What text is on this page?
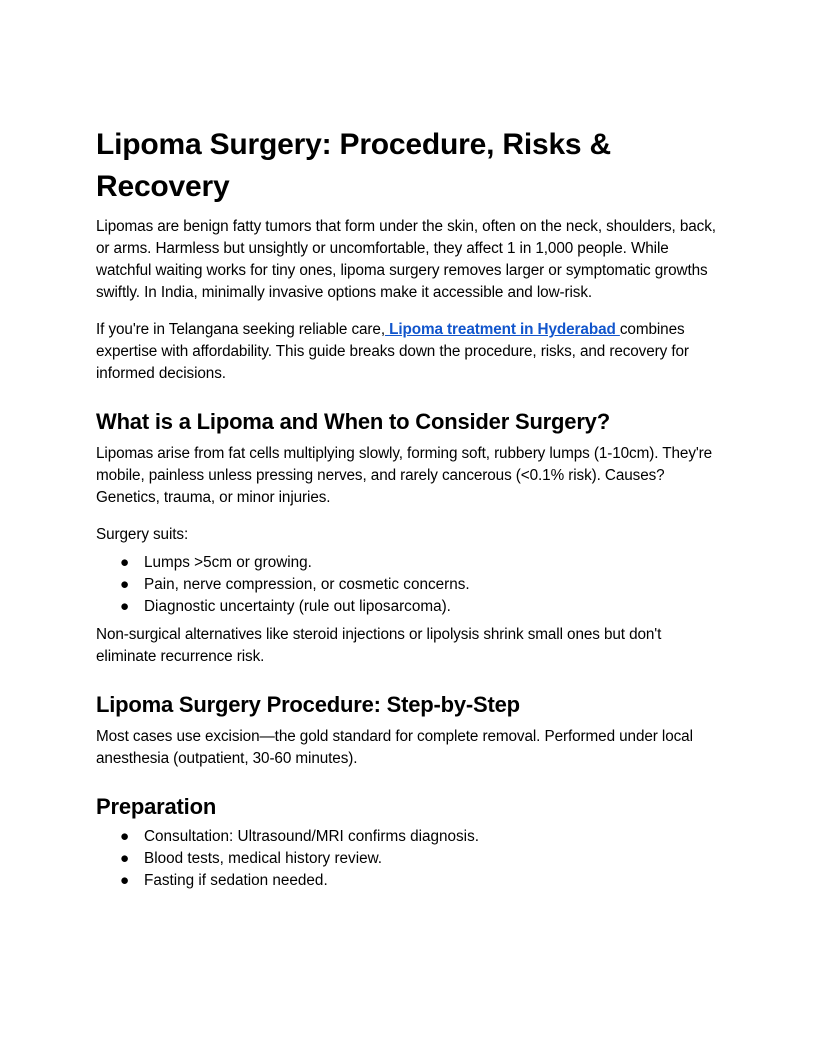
Lipoma Surgery: Procedure, Risks & Recovery

Lipomas are benign fatty tumors that form under the skin, often on the neck, shoulders, back, or arms. Harmless but unsightly or uncomfortable, they affect 1 in 1,000 people. While watchful waiting works for tiny ones, lipoma surgery removes larger or symptomatic growths swiftly. In India, minimally invasive options make it accessible and low-risk.

If you're in Telangana seeking reliable care, Lipoma treatment in Hyderabad combines expertise with affordability. This guide breaks down the procedure, risks, and recovery for informed decisions.

What is a Lipoma and When to Consider Surgery?

Lipomas arise from fat cells multiplying slowly, forming soft, rubbery lumps (1-10cm). They're mobile, painless unless pressing nerves, and rarely cancerous (<0.1% risk). Causes? Genetics, trauma, or minor injuries.

Surgery suits:

● Lumps >5cm or growing.
● Pain, nerve compression, or cosmetic concerns.
● Diagnostic uncertainty (rule out liposarcoma).

Non-surgical alternatives like steroid injections or lipolysis shrink small ones but don't eliminate recurrence risk.

Lipoma Surgery Procedure: Step-by-Step

Most cases use excision—the gold standard for complete removal. Performed under local anesthesia (outpatient, 30-60 minutes).

Preparation
● Consultation: Ultrasound/MRI confirms diagnosis.
● Blood tests, medical history review.
● Fasting if sedation needed.
